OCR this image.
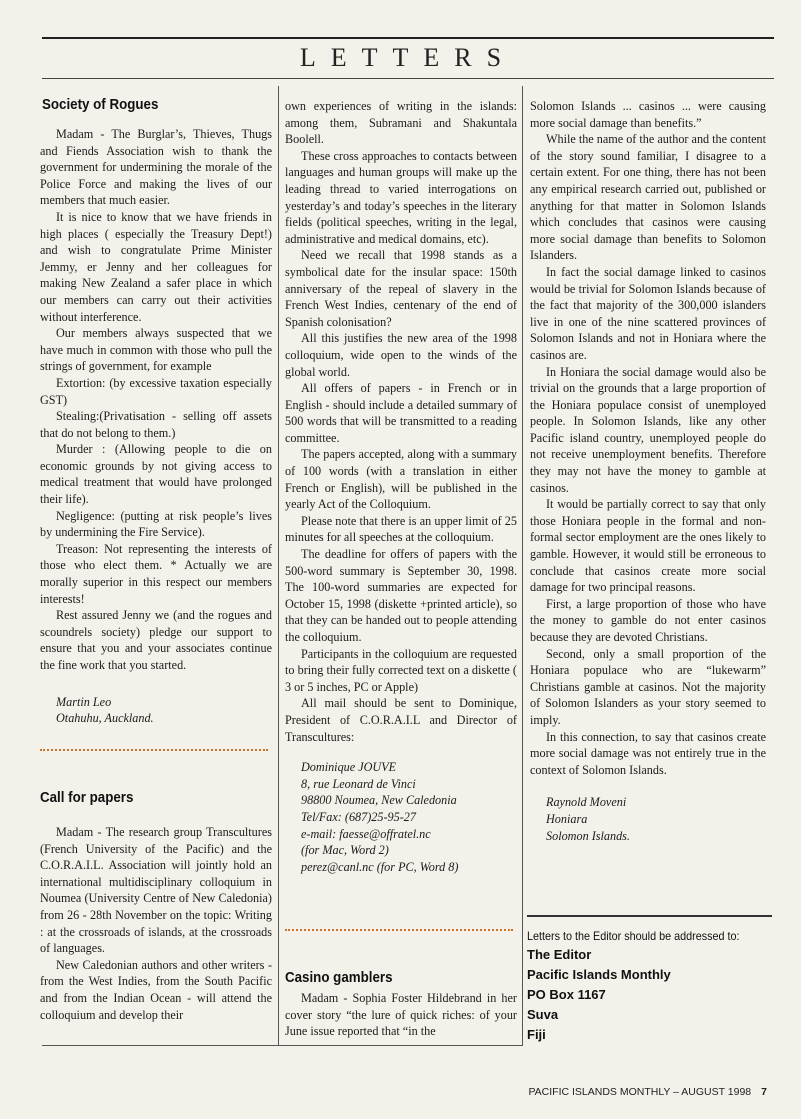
LETTERS
Society of Rogues

Madam - The Burglar’s, Thieves, Thugs and Fiends Association wish to thank the government for undermining the morale of the Police Force and making the lives of our members that much easier.

It is nice to know that we have friends in high places ( especially the Treasury Dept!) and wish to congratulate Prime Minister Jemmy, er Jenny and her colleagues for making New Zealand a safer place in which our members can carry out their activities without interference.

Our members always suspected that we have much in common with those who pull the strings of government, for example

Extortion: (by excessive taxation especially GST)

Stealing:(Privatisation - selling off assets that do not belong to them.)

Murder : (Allowing people to die on economic grounds by not giving access to medical treatment that would have prolonged their life).

Negligence: (putting at risk people’s lives by undermining the Fire Service).

Treason: Not representing the interests of those who elect them. * Actually we are morally superior in this respect our members interests!

Rest assured Jenny we (and the rogues and scoundrels society) pledge our support to ensure that you and your associates continue the fine work that you started.

Martin Leo
Otahuhu, Auckland.
Call for papers

Madam - The research group Transcultures (French University of the Pacific) and the C.O.R.A.I.L. Association will jointly hold an international multidisciplinary colloquium in Noumea (University Centre of New Caledonia) from 26 - 28th November on the topic: Writing : at the crossroads of islands, at the crossroads of languages.

New Caledonian authors and other writers - from the West Indies, from the South Pacific and from the Indian Ocean - will attend the colloquium and develop their

own experiences of writing in the islands: among them, Subramani and Shakuntala Boolell.

These cross approaches to contacts between languages and human groups will make up the leading thread to varied interrogations on yesterday’s and today’s speeches in the literary fields (political speeches, writing in the legal, administrative and medical domains, etc).

Need we recall that 1998 stands as a symbolical date for the insular space: 150th anniversary of the repeal of slavery in the French West Indies, centenary of the end of Spanish colonisation?

All this justifies the new area of the 1998 colloquium, wide open to the winds of the global world.

All offers of papers - in French or in English - should include a detailed summary of 500 words that will be transmitted to a reading committee.

The papers accepted, along with a summary of 100 words (with a translation in either French or English), will be published in the yearly Act of the Colloquium.

Please note that there is an upper limit of 25 minutes for all speeches at the colloquium.

The deadline for offers of papers with the 500-word summary is September 30, 1998. The 100-word summaries are expected for October 15, 1998 (diskette +printed article), so that they can be handed out to people attending the colloquium.

Participants in the colloquium are requested to bring their fully corrected text on a diskette ( 3 or 5 inches, PC or Apple)

All mail should be sent to Dominique, President of C.O.R.A.I.L and Director of Transcultures:

Dominique JOUVE
8, rue Leonard de Vinci
98800 Noumea, New Caledonia
Tel/Fax: (687)25-95-27
e-mail: faesse@offratel.nc
(for Mac, Word 2)
perez@canl.nc (for PC, Word 8)
Casino gamblers

Madam - Sophia Foster Hildebrand in her cover story “the lure of quick riches: of your June issue reported that “in the

Solomon Islands ... casinos ... were causing more social damage than benefits.”

While the name of the author and the content of the story sound familiar, I disagree to a certain extent. For one thing, there has not been any empirical research carried out, published or anything for that matter in Solomon Islands which concludes that casinos were causing more social damage than benefits to Solomon Islanders.

In fact the social damage linked to casinos would be trivial for Solomon Islands because of the fact that majority of the 300,000 islanders live in one of the nine scattered provinces of Solomon Islands and not in Honiara where the casinos are.

In Honiara the social damage would also be trivial on the grounds that a large proportion of the Honiara populace consist of unemployed people. In Solomon Islands, like any other Pacific island country, unemployed people do not receive unemployment benefits. Therefore they may not have the money to gamble at casinos.

It would be partially correct to say that only those Honiara people in the formal and non-formal sector employment are the ones likely to gamble. However, it would still be erroneous to conclude that casinos create more social damage for two principal reasons.

First, a large proportion of those who have the money to gamble do not enter casinos because they are devoted Christians.

Second, only a small proportion of the Honiara populace who are “lukewarm” Christians gamble at casinos. Not the majority of Solomon Islanders as your story seemed to imply.

In this connection, to say that casinos create more social damage was not entirely true in the context of Solomon Islands.

Raynold Moveni
Honiara
Solomon Islands.
Letters to the Editor should be addressed to:
The Editor
Pacific Islands Monthly
PO Box 1167
Suva
Fiji
PACIFIC ISLANDS MONTHLY – AUGUST 1998 7
